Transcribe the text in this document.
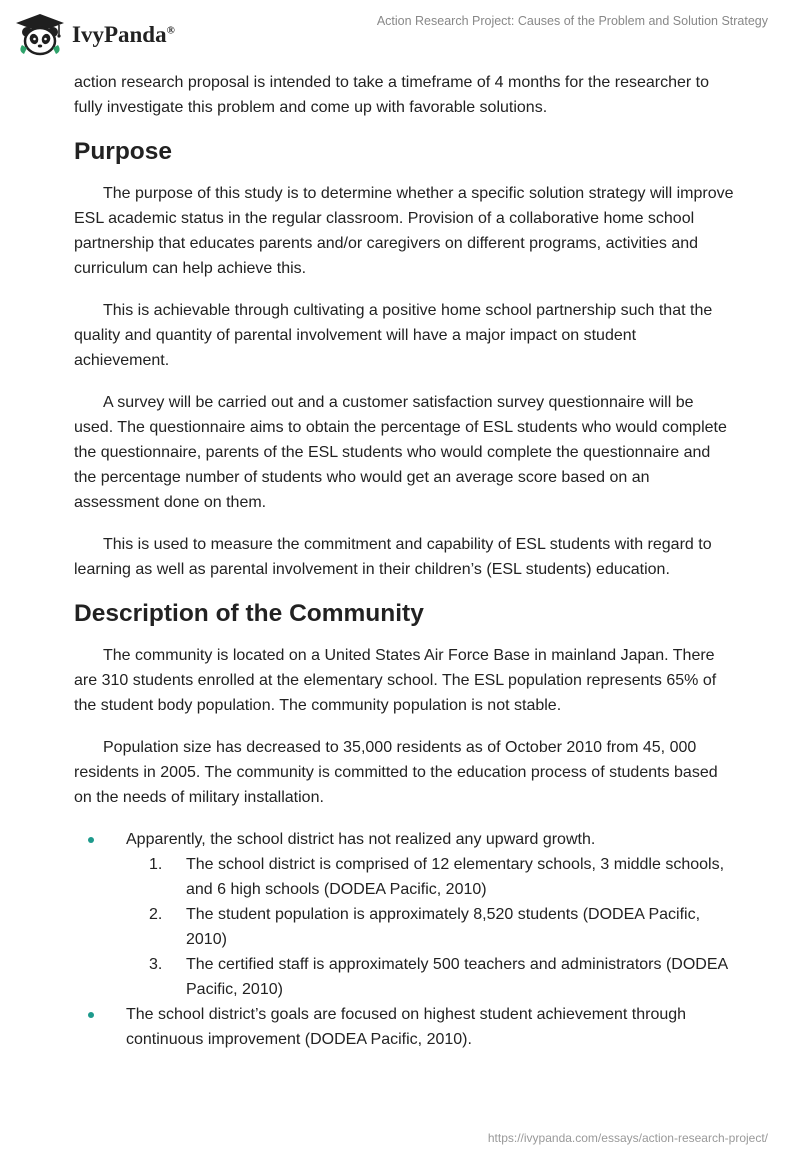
IvyPanda®
Action Research Project: Causes of the Problem and Solution Strategy

action research proposal is intended to take a timeframe of 4 months for the researcher to fully investigate this problem and come up with favorable solutions.

Purpose

The purpose of this study is to determine whether a specific solution strategy will improve ESL academic status in the regular classroom. Provision of a collaborative home school partnership that educates parents and/or caregivers on different programs, activities and curriculum can help achieve this.

This is achievable through cultivating a positive home school partnership such that the quality and quantity of parental involvement will have a major impact on student achievement.

A survey will be carried out and a customer satisfaction survey questionnaire will be used. The questionnaire aims to obtain the percentage of ESL students who would complete the questionnaire, parents of the ESL students who would complete the questionnaire and the percentage number of students who would get an average score based on an assessment done on them.

This is used to measure the commitment and capability of ESL students with regard to learning as well as parental involvement in their children’s (ESL students) education.

Description of the Community

The community is located on a United States Air Force Base in mainland Japan. There are 310 students enrolled at the elementary school. The ESL population represents 65% of the student body population. The community population is not stable.

Population size has decreased to 35,000 residents as of October 2010 from 45, 000 residents in 2005. The community is committed to the education process of students based on the needs of military installation.

Apparently, the school district has not realized any upward growth.
1. The school district is comprised of 12 elementary schools, 3 middle schools, and 6 high schools (DODEA Pacific, 2010)
2. The student population is approximately 8,520 students (DODEA Pacific, 2010)
3. The certified staff is approximately 500 teachers and administrators (DODEA Pacific, 2010)
The school district’s goals are focused on highest student achievement through continuous improvement (DODEA Pacific, 2010).
https://ivypanda.com/essays/action-research-project/
